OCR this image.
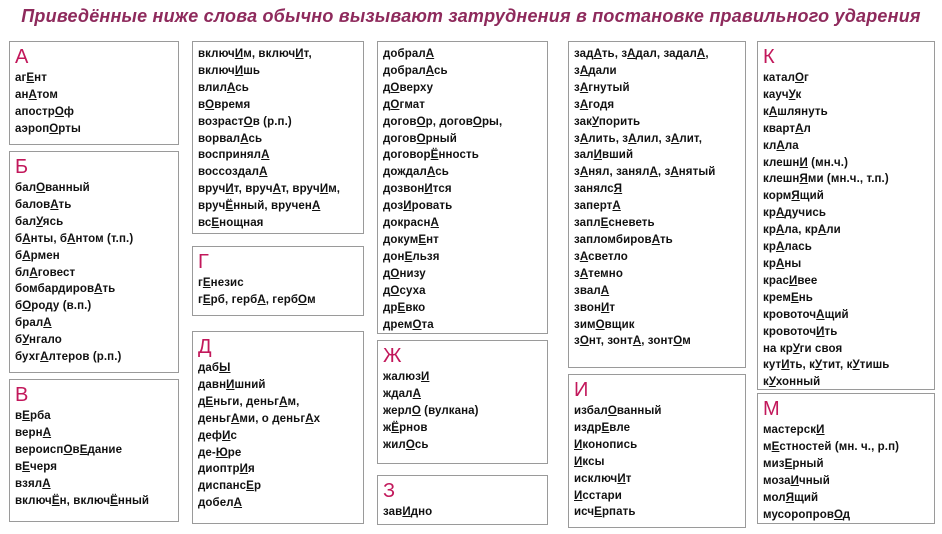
Приведённые ниже слова обычно вызывают затруднения в постановке правильного ударения
А
агЕнт
анАтом
апострОф
аэропОрты
Б
балОванный
баловАть
балУясь
бАнты, бАнтом (т.п.)
бАрмен
блАговест
бомбардировАть
бОроду (в.п.)
бралА
бУнгало
бухгАлтеров (р.п.)
В
вЕрба
вернА
вероиспОвЕдание
вЕчеря
взялА
включЁн, включЁнный
включИм, включИт,
включИшь
влилАсь
вОвремя
возрастОв (р.п.)
ворвалАсь
воспринялА
воссоздалА
вручИт, вручАт, вручИм,
вручЁнный, врученА
всЕнощная
Г
гЕнезис
гЕрб, гербА, гербОм
Д
дабЫ
давнИшний
дЕньги, деньгАм,
деньгАми, о деньгАх
дефИс
де-Юре
диоптрИя
диспансЕр
добелА
добралА
добралАсь
дОверху
дОгмат
договОр, договОры,
договОрный
договорЁнность
дождалАсь
дозвонИтся
дозИровать
докраснА
докумЕнт
донЕльзя
дОнизу
дОсуха
дрЕвко
дремОта
Ж
жалюзИ
ждалА
жерлО (вулкана)
жЁрнов
жилОсь
З
завИдно
задАть, зАдал, задалА,
зАдали
зАгнутый
зАгодя
закУпорить
зАлить, зАлил, зАлит,
залИвший
зАнял, занялА, зАнятый
занялсЯ
запертА
заплЕсневеть
запломбировАть
зАсветло
зАтемно
звалА
звонИт
зимОвщик
зОнт, зонтА, зонтОм
И
избалОванный
издрЕвле
Иконопись
Иксы
исключИт
Исстари
исчЕрпать
К
каталОг
каучУк
кАшлянуть
квартАл
клАла
клешнИ (мн.ч.)
клешнЯми (мн.ч., т.п.)
кормЯщий
крАдучись
крАла, крАли
крАлась
крАны
красИвее
кремЕнь
кровоточАщий
кровоточИть
на крУги своя
кутИть, кУтит, кУтишь
кУхонный
М
мастерскИ
мЕстностей (мн. ч., р.п)
мизЕрный
мозаИчный
молЯщий
мусоропровОд
